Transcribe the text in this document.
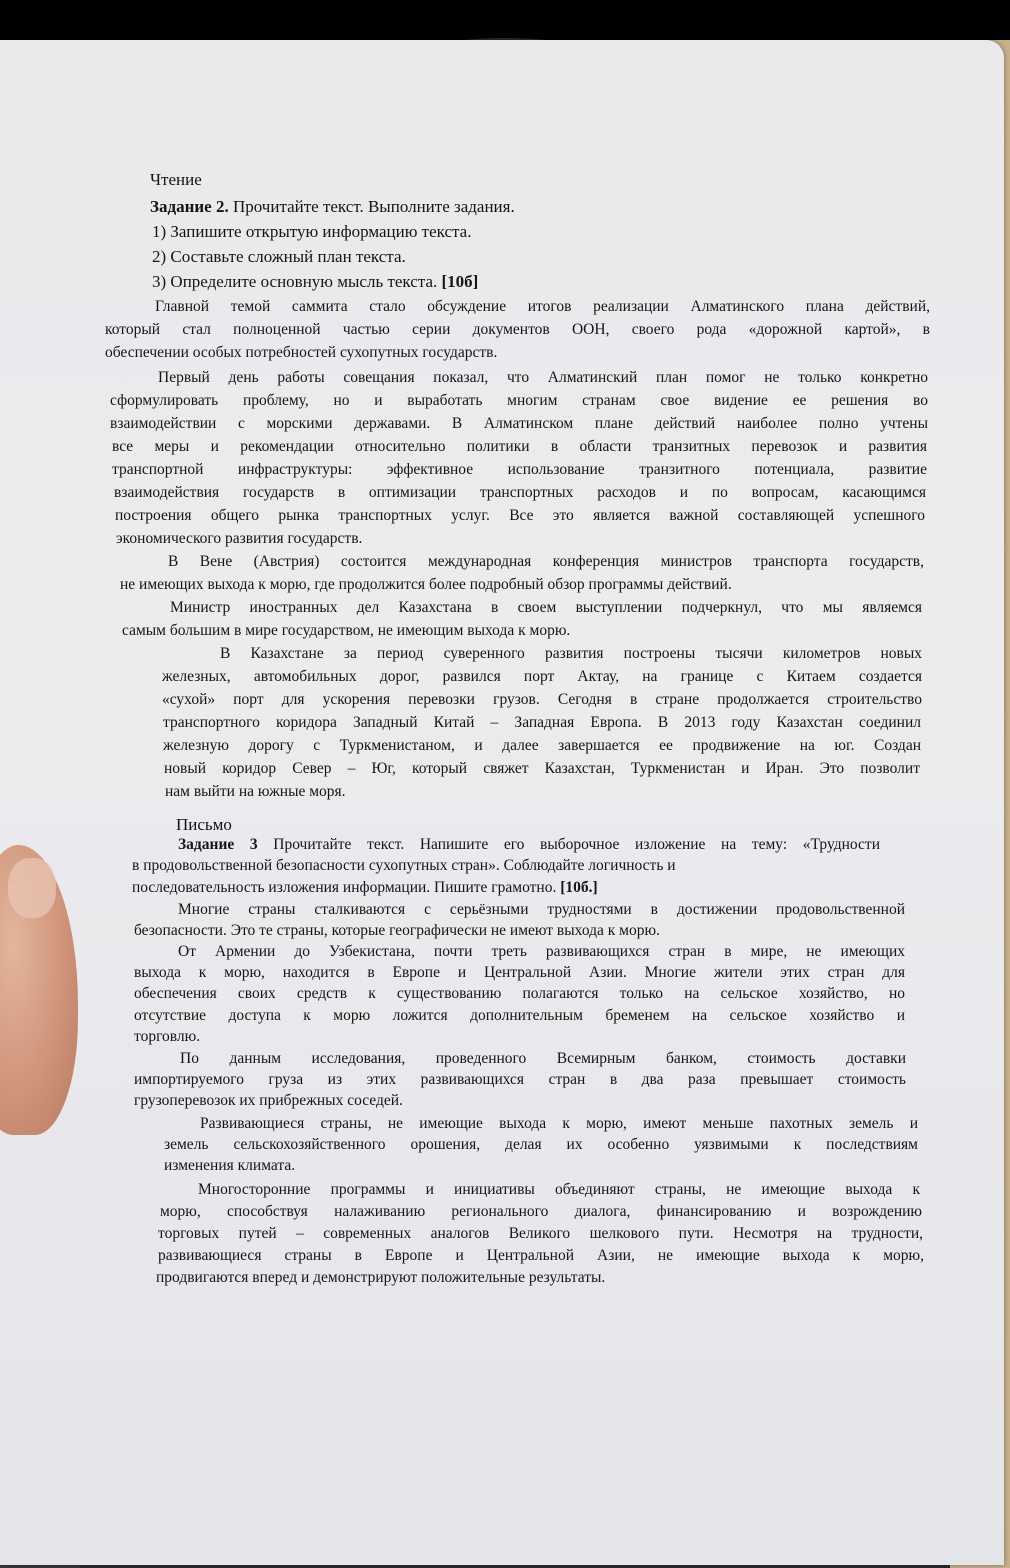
Чтение
Задание 2. Прочитайте текст. Выполните задания.
1) Запишите открытую информацию текста.
2) Составьте сложный план текста.
3) Определите основную мысль текста. [10б]
Главной темой саммита стало обсуждение итогов реализации Алматинского плана действий,
который стал полноценной частью серии документов ООН, своего рода «дорожной картой», в
обеспечении особых потребностей сухопутных государств.
Первый день работы совещания показал, что Алматинский план помог не только конкретно
сформулировать проблему, но и выработать многим странам свое видение ее решения во
взаимодействии с морскими державами. В Алматинском плане действий наиболее полно учтены
все меры и рекомендации относительно политики в области транзитных перевозок и развития
транспортной инфраструктуры: эффективное использование транзитного потенциала, развитие
взаимодействия государств в оптимизации транспортных расходов и по вопросам, касающимся
построения общего рынка транспортных услуг. Все это является важной составляющей успешного
экономического развития государств.
В Вене (Австрия) состоится международная конференция министров транспорта государств,
не имеющих выхода к морю, где продолжится более подробный обзор программы действий.
Министр иностранных дел Казахстана в своем выступлении подчеркнул, что мы являемся
самым большим в мире государством, не имеющим выхода к морю.
В Казахстане за период суверенного развития построены тысячи километров новых
железных, автомобильных дорог, развился порт Актау, на границе с Китаем создается
«сухой» порт для ускорения перевозки грузов. Сегодня в стране продолжается строительство
транспортного коридора Западный Китай – Западная Европа. В 2013 году Казахстан соединил
железную дорогу с Туркменистаном, и далее завершается ее продвижение на юг. Создан
новый коридор Север – Юг, который свяжет Казахстан, Туркменистан и Иран. Это позволит
нам выйти на южные моря.
Письмо
Задание 3 Прочитайте текст. Напишите его выборочное изложение на тему: «Трудности
в продовольственной безопасности сухопутных стран». Соблюдайте логичность и
последовательность изложения информации. Пишите грамотно. [10б.]
Многие страны сталкиваются с серьёзными трудностями в достижении продовольственной
безопасности. Это те страны, которые географически не имеют выхода к морю.
От Армении до Узбекистана, почти треть развивающихся стран в мире, не имеющих
выхода к морю, находится в Европе и Центральной Азии. Многие жители этих стран для
обеспечения своих средств к существованию полагаются только на сельское хозяйство, но
отсутствие доступа к морю ложится дополнительным бременем на сельское хозяйство и
торговлю.
По данным исследования, проведенного Всемирным банком, стоимость доставки
импортируемого груза из этих развивающихся стран в два раза превышает стоимость
грузоперевозок их прибрежных соседей.
Развивающиеся страны, не имеющие выхода к морю, имеют меньше пахотных земель и
земель сельскохозяйственного орошения, делая их особенно уязвимыми к последствиям
изменения климата.
Многосторонние программы и инициативы объединяют страны, не имеющие выхода к
морю, способствуя налаживанию регионального диалога, финансированию и возрождению
торговых путей – современных аналогов Великого шелкового пути. Несмотря на трудности,
развивающиеся страны в Европе и Центральной Азии, не имеющие выхода к морю,
продвигаются вперед и демонстрируют положительные результаты.
